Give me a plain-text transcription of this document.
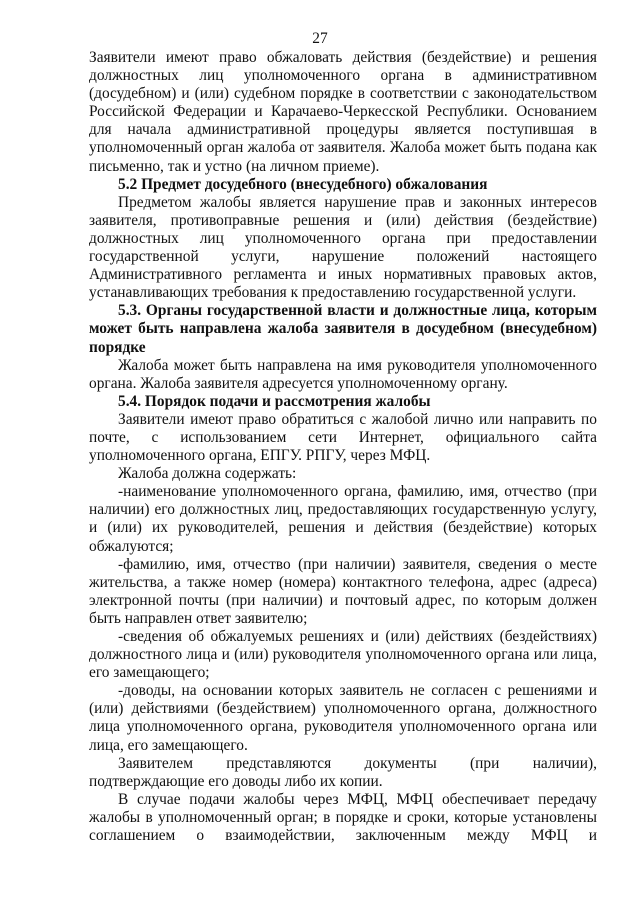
27

Заявители имеют право обжаловать действия (бездействие) и решения должностных лиц уполномоченного органа в административном (досудебном) и (или) судебном порядке в соответствии с законодательством Российской Федерации и Карачаево-Черкесской Республики. Основанием для начала административной процедуры является поступившая в уполномоченный орган жалоба от заявителя. Жалоба может быть подана как письменно, так и устно (на личном приеме).

5.2 Предмет досудебного (внесудебного) обжалования

Предметом жалобы является нарушение прав и законных интересов заявителя, противоправные решения и (или) действия (бездействие) должностных лиц уполномоченного органа при предоставлении государственной услуги, нарушение положений настоящего Административного регламента и иных нормативных правовых актов, устанавливающих требования к предоставлению государственной услуги.

5.3. Органы государственной власти и должностные лица, которым может быть направлена жалоба заявителя в досудебном (внесудебном) порядке

Жалоба может быть направлена на имя руководителя уполномоченного органа. Жалоба заявителя адресуется уполномоченному органу.

5.4. Порядок подачи и рассмотрения жалобы

Заявители имеют право обратиться с жалобой лично или направить по почте, с использованием сети Интернет, официального сайта уполномоченного органа, ЕПГУ. РПГУ, через МФЦ.

Жалоба должна содержать:

-наименование уполномоченного органа, фамилию, имя, отчество (при наличии) его должностных лиц, предоставляющих государственную услугу, и (или) их руководителей, решения и действия (бездействие) которых обжалуются;

-фамилию, имя, отчество (при наличии) заявителя, сведения о месте жительства, а также номер (номера) контактного телефона, адрес (адреса) электронной почты (при наличии) и почтовый адрес, по которым должен быть направлен ответ заявителю;

-сведения об обжалуемых решениях и (или) действиях (бездействиях) должностного лица и (или) руководителя уполномоченного органа или лица, его замещающего;

-доводы, на основании которых заявитель не согласен с решениями и (или) действиями (бездействием) уполномоченного органа, должностного лица уполномоченного органа, руководителя уполномоченного органа или лица, его замещающего.

Заявителем представляются документы (при наличии), подтверждающие его доводы либо их копии.

В случае подачи жалобы через МФЦ, МФЦ обеспечивает передачу жалобы в уполномоченный орган; в порядке и сроки, которые установлены соглашением о взаимодействии, заключенным между МФЦ и
